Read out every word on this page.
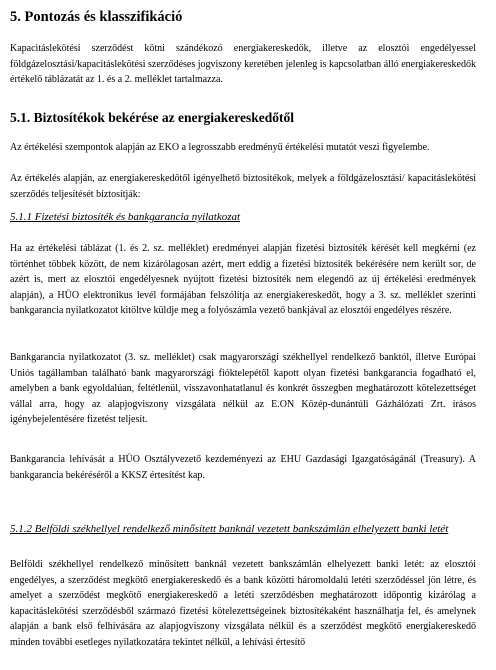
5. Pontozás és klasszifikáció

Kapacitáslekötési szerződést kötni szándékozó energiakereskedők, illetve az elosztói engedélyessel földgázelosztási/kapacitáslekötési szerződéses jogviszony keretében jelenleg is kapcsolatban álló energiakereskedők értékelő táblázatát az 1. és a 2. melléklet tartalmazza.

5.1. Biztosítékok bekérése az energiakereskedőtől

Az értékelési szempontok alapján az EKO a legrosszabb eredményű értékelési mutatót veszi figyelembe.

Az értékelés alapján, az energiakereskedőtől igényelhető biztosítékok, melyek a földgázelosztási/ kapacitáslekötési szerződés teljesítését biztosítják:

5.1.1 Fizetési biztosíték és bankgarancia nyilatkozat

Ha az értékelési táblázat (1. és 2. sz. melléklet) eredményei alapján fizetési biztosíték kérését kell megkérni (ez történhet többek között, de nem kizárólagosan azért, mert eddig a fizetési biztosíték bekérésére nem került sor, de azért is, mert az elosztói engedélyesnek nyújtott fizetési biztosíték nem elegendő az új értékelési eredmények alapján), a HÜO elektronikus levél formájában felszólítja az energiakereskedőt, hogy a 3. sz. melléklet szerinti bankgarancia nyilatkozatot kitöltve küldje meg a folyószámla vezető bankjával az elosztói engedélyes részére.

Bankgarancia nyilatkozatot (3. sz. melléklet) csak magyarországi székhellyel rendelkező banktól, illetve Európai Uniós tagállamban található bank magyarországi fióktelepétől kapott olyan fizetési bankgarancia fogadható el, amelyben a bank egyoldalúan, feltétlenül, visszavonhatatlanul és konkrét összegben meghatározott kötelezettséget vállal arra, hogy az alapjogviszony vizsgálata nélkül az E.ON Közép-dunántúli Gázhálózati Zrt. írásos igénybejelentésére fizetést teljesít.

Bankgarancia lehívását a HÜO Osztályvezető kezdeményezi az EHU Gazdasági Igazgatóságánál (Treasury). A bankgarancia bekéréséről a KKSZ értesítést kap.

5.1.2 Belföldi székhellyel rendelkező minősített banknál vezetett bankszámlán elhelyezett banki letét

Belföldi székhellyel rendelkező minősített banknál vezetett bankszámlán elhelyezett banki letét: az elosztói engedélyes, a szerződést megkötő energiakereskedő és a bank közötti háromoldalú letéti szerződéssel jön létre, és amelyet a szerződést megkötő energiakereskedő a letéti szerződésben meghatározott időpontig kizárólag a kapacitáslekötési szerződésből származó fizetési kötelezettségeinek biztosítékaként használhatja fel, és amelynek alapján a bank első felhívására az alapjogviszony vizsgálata nélkül és a szerződést megkötő energiakereskedő minden további esetleges nyilatkozatára tekintet nélkül, a lehívási értesítő
